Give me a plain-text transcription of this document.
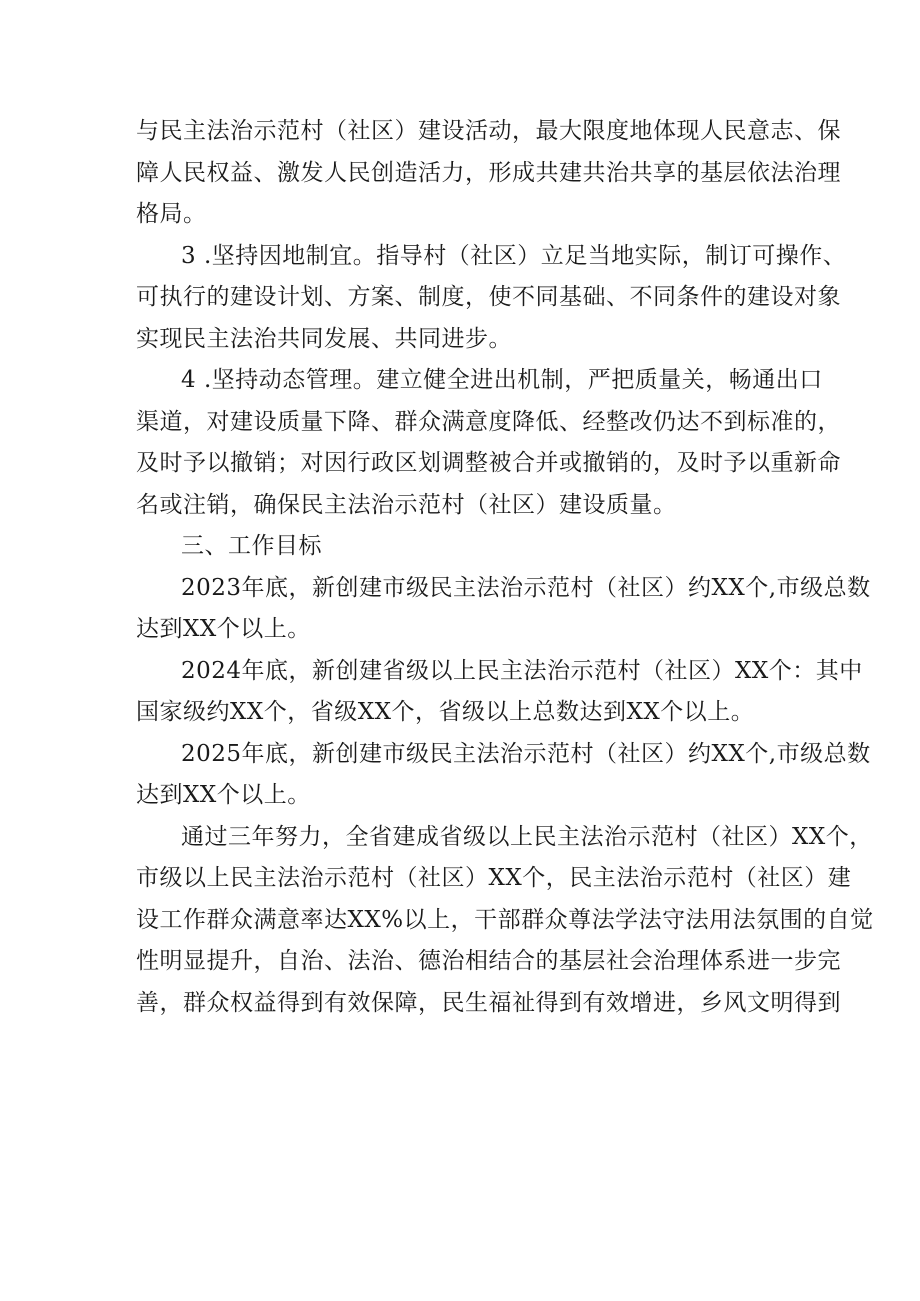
与民主法治示范村（社区）建设活动，最大限度地体现人民意志、保
障人民权益、激发人民创造活力，形成共建共治共享的基层依法治理
格局。
3 .坚持因地制宜。指导村（社区）立足当地实际，制订可操作、
可执行的建设计划、方案、制度，使不同基础、不同条件的建设对象
实现民主法治共同发展、共同进步。
4 .坚持动态管理。建立健全进出机制，严把质量关，畅通出口
渠道，对建设质量下降、群众满意度降低、经整改仍达不到标准的，
及时予以撤销；对因行政区划调整被合并或撤销的，及时予以重新命
名或注销，确保民主法治示范村（社区）建设质量。
三、工作目标
2023年底，新创建市级民主法治示范村（社区）约XX个,市级总数
达到XX个以上。
2024年底，新创建省级以上民主法治示范村（社区）XX个：其中
国家级约XX个，省级XX个，省级以上总数达到XX个以上。
2025年底，新创建市级民主法治示范村（社区）约XX个,市级总数
达到XX个以上。
通过三年努力，全省建成省级以上民主法治示范村（社区）XX个，
市级以上民主法治示范村（社区）XX个，民主法治示范村（社区）建
设工作群众满意率达XX%以上，干部群众尊法学法守法用法氛围的自觉
性明显提升，自治、法治、德治相结合的基层社会治理体系进一步完
善，群众权益得到有效保障，民生福祉得到有效增进，乡风文明得到
